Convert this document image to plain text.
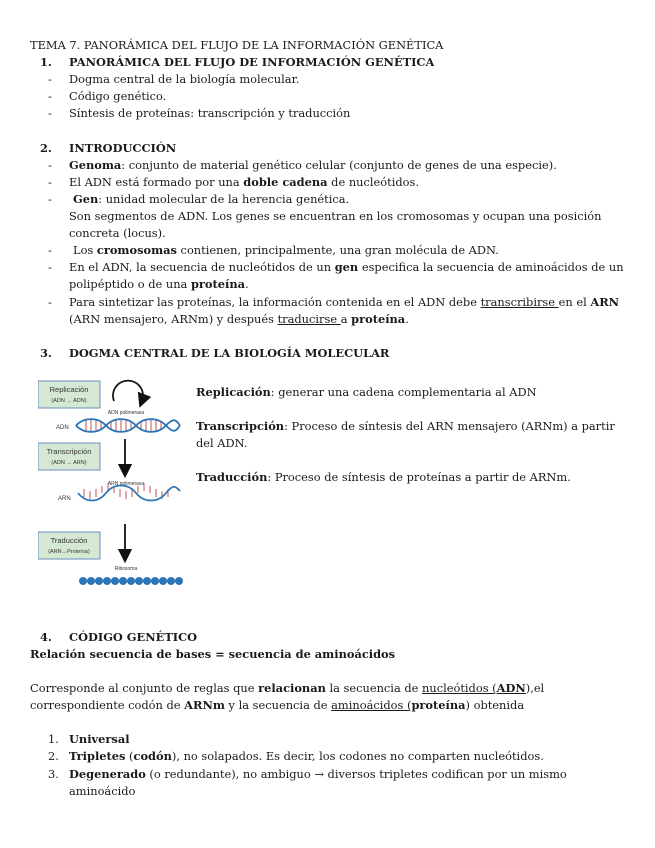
TEMA 7. PANORÁMICA DEL FLUJO DE LA INFORMACIÓN GENÉTICA
1. PANORÁMICA DEL FLUJO DE INFORMACIÓN GENÉTICA
- Dogma central de la biología molecular.
- Código genético.
- Síntesis de proteínas: transcripción y traducción
2. INTRODUCCIÓN
- Genoma: conjunto de material genético celular (conjunto de genes de una especie).
- El ADN está formado por una doble cadena de nucleótidos.
- Gen: unidad molecular de la herencia genética.
Son segmentos de ADN. Los genes se encuentran en los cromosomas y ocupan una posición concreta (locus).
- Los cromosomas contienen, principalmente, una gran molécula de ADN.
- En el ADN, la secuencia de nucleótidos de un gen especifica la secuencia de aminoácidos de un polipéptido o de una proteína.
- Para sintetizar las proteínas, la información contenida en el ADN debe transcribirse en el ARN (ARN mensajero, ARNm) y después traducirse a proteína.
3. DOGMA CENTRAL DE LA BIOLOGÍA MOLECULAR
Replicación
(ADN → ADN)
ADN polimerasa
ADN
Transcripción
(ADN → ARN)
ARN polimerasa
ARN
Traducción
(ARN→Proteína)
Ribosoma

Replicación: generar una cadena complementaria al ADN

Transcripción: Proceso de síntesis del ARN mensajero (ARNm) a partir del ADN.

Traducción: Proceso de síntesis de proteínas a partir de ARNm.

4. CÓDIGO GENÉTICO
Relación secuencia de bases = secuencia de aminoácidos
Corresponde al conjunto de reglas que relacionan la secuencia de nucleótidos (ADN),el correspondiente codón de ARNm y la secuencia de aminoácidos (proteína) obtenida
1. Universal
2. Tripletes (codón), no solapados. Es decir, los codones no comparten nucleótidos.
3. Degenerado (o redundante), no ambiguo → diversos tripletes codifican por un mismo aminoácido
